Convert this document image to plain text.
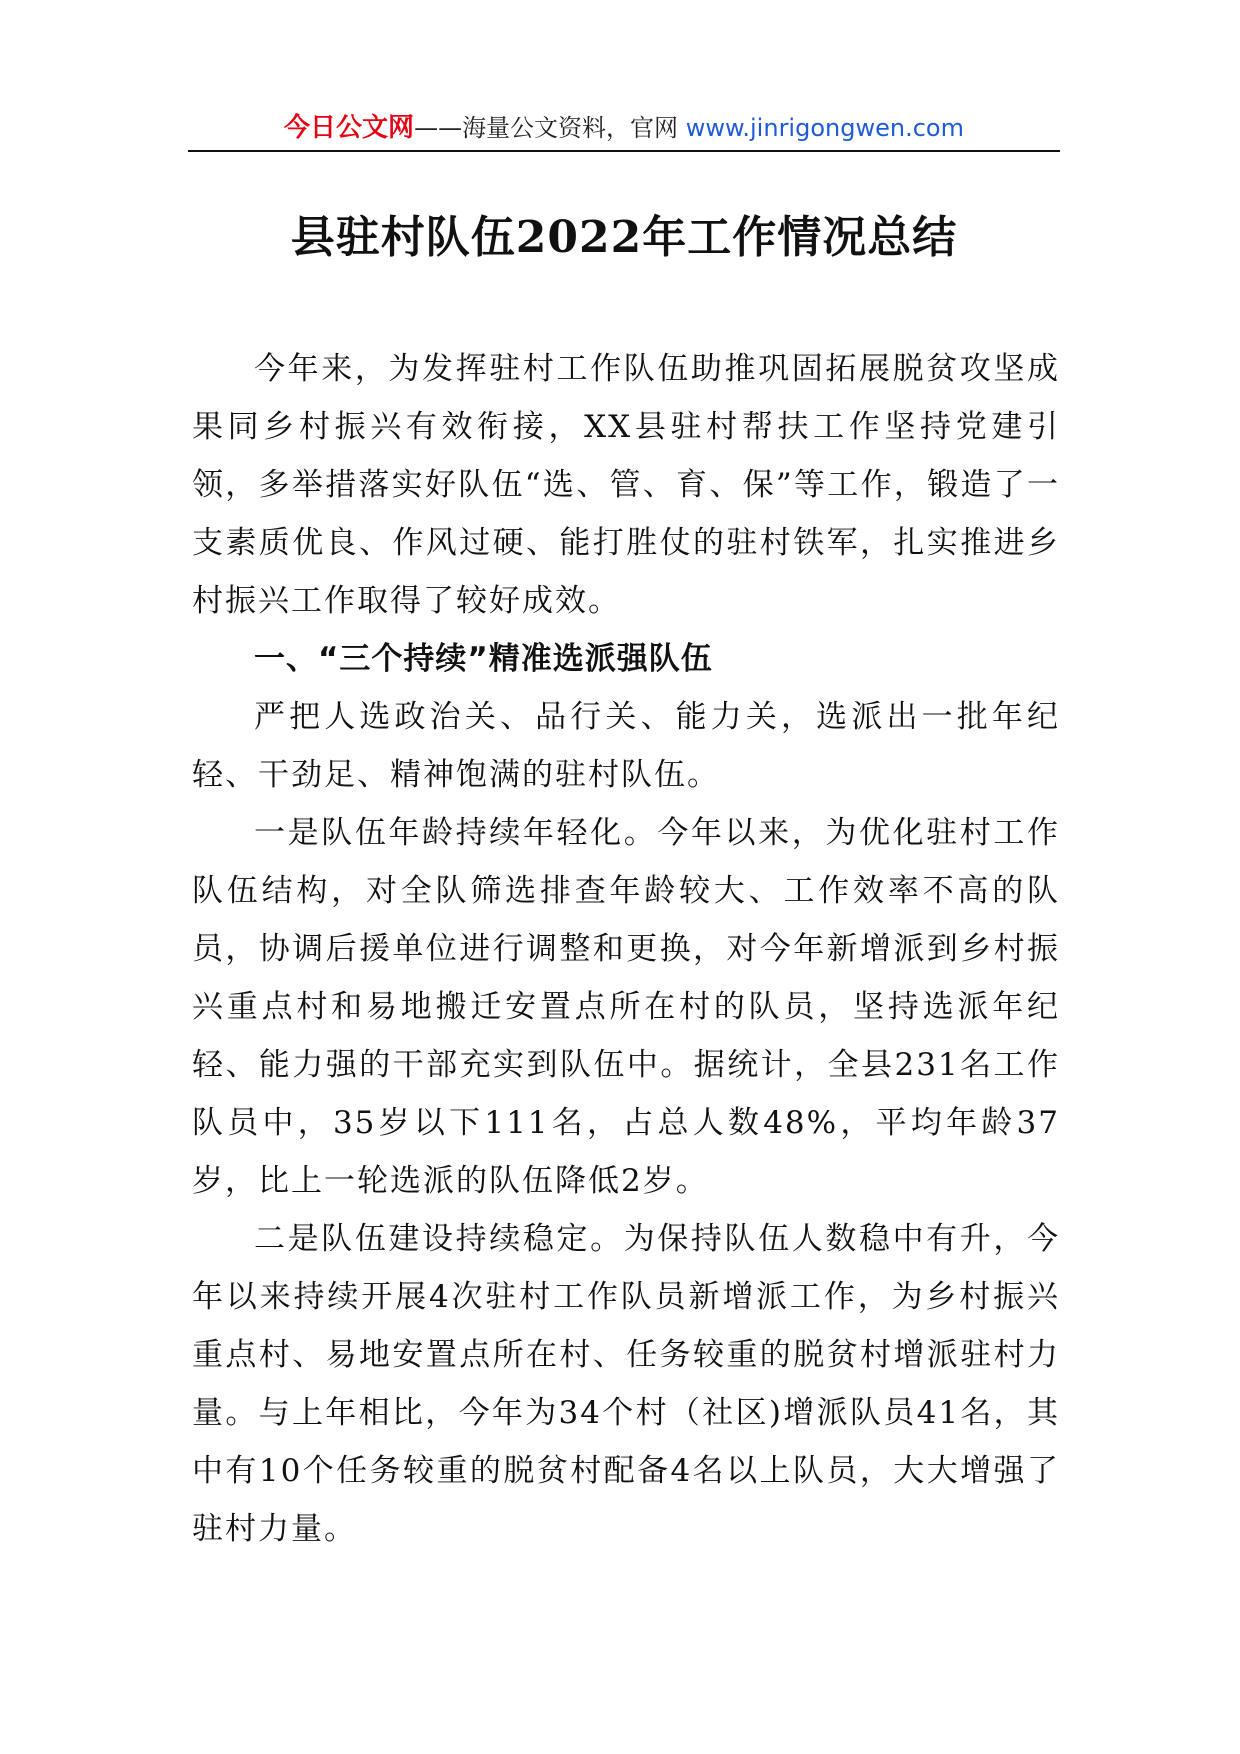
今日公文网——海量公文资料，官网 www.jinrigongwen.com
县驻村队伍2022年工作情况总结

今年来，为发挥驻村工作队伍助推巩固拓展脱贫攻坚成果同乡村振兴有效衔接，XX县驻村帮扶工作坚持党建引领，多举措落实好队伍“选、管、育、保”等工作，锻造了一支素质优良、作风过硬、能打胜仗的驻村铁军，扎实推进乡村振兴工作取得了较好成效。

一、“三个持续”精准选派强队伍

严把人选政治关、品行关、能力关，选派出一批年纪轻、干劲足、精神饱满的驻村队伍。

一是队伍年龄持续年轻化。今年以来，为优化驻村工作队伍结构，对全队筛选排查年龄较大、工作效率不高的队员，协调后援单位进行调整和更换，对今年新增派到乡村振兴重点村和易地搬迁安置点所在村的队员，坚持选派年纪轻、能力强的干部充实到队伍中。据统计，全县231名工作队员中，35岁以下111名，占总人数48%，平均年龄37岁，比上一轮选派的队伍降低2岁。

二是队伍建设持续稳定。为保持队伍人数稳中有升，今年以来持续开展4次驻村工作队员新增派工作，为乡村振兴重点村、易地安置点所在村、任务较重的脱贫村增派驻村力量。与上年相比，今年为34个村（社区)增派队员41名，其中有10个任务较重的脱贫村配备4名以上队员，大大增强了驻村力量。
